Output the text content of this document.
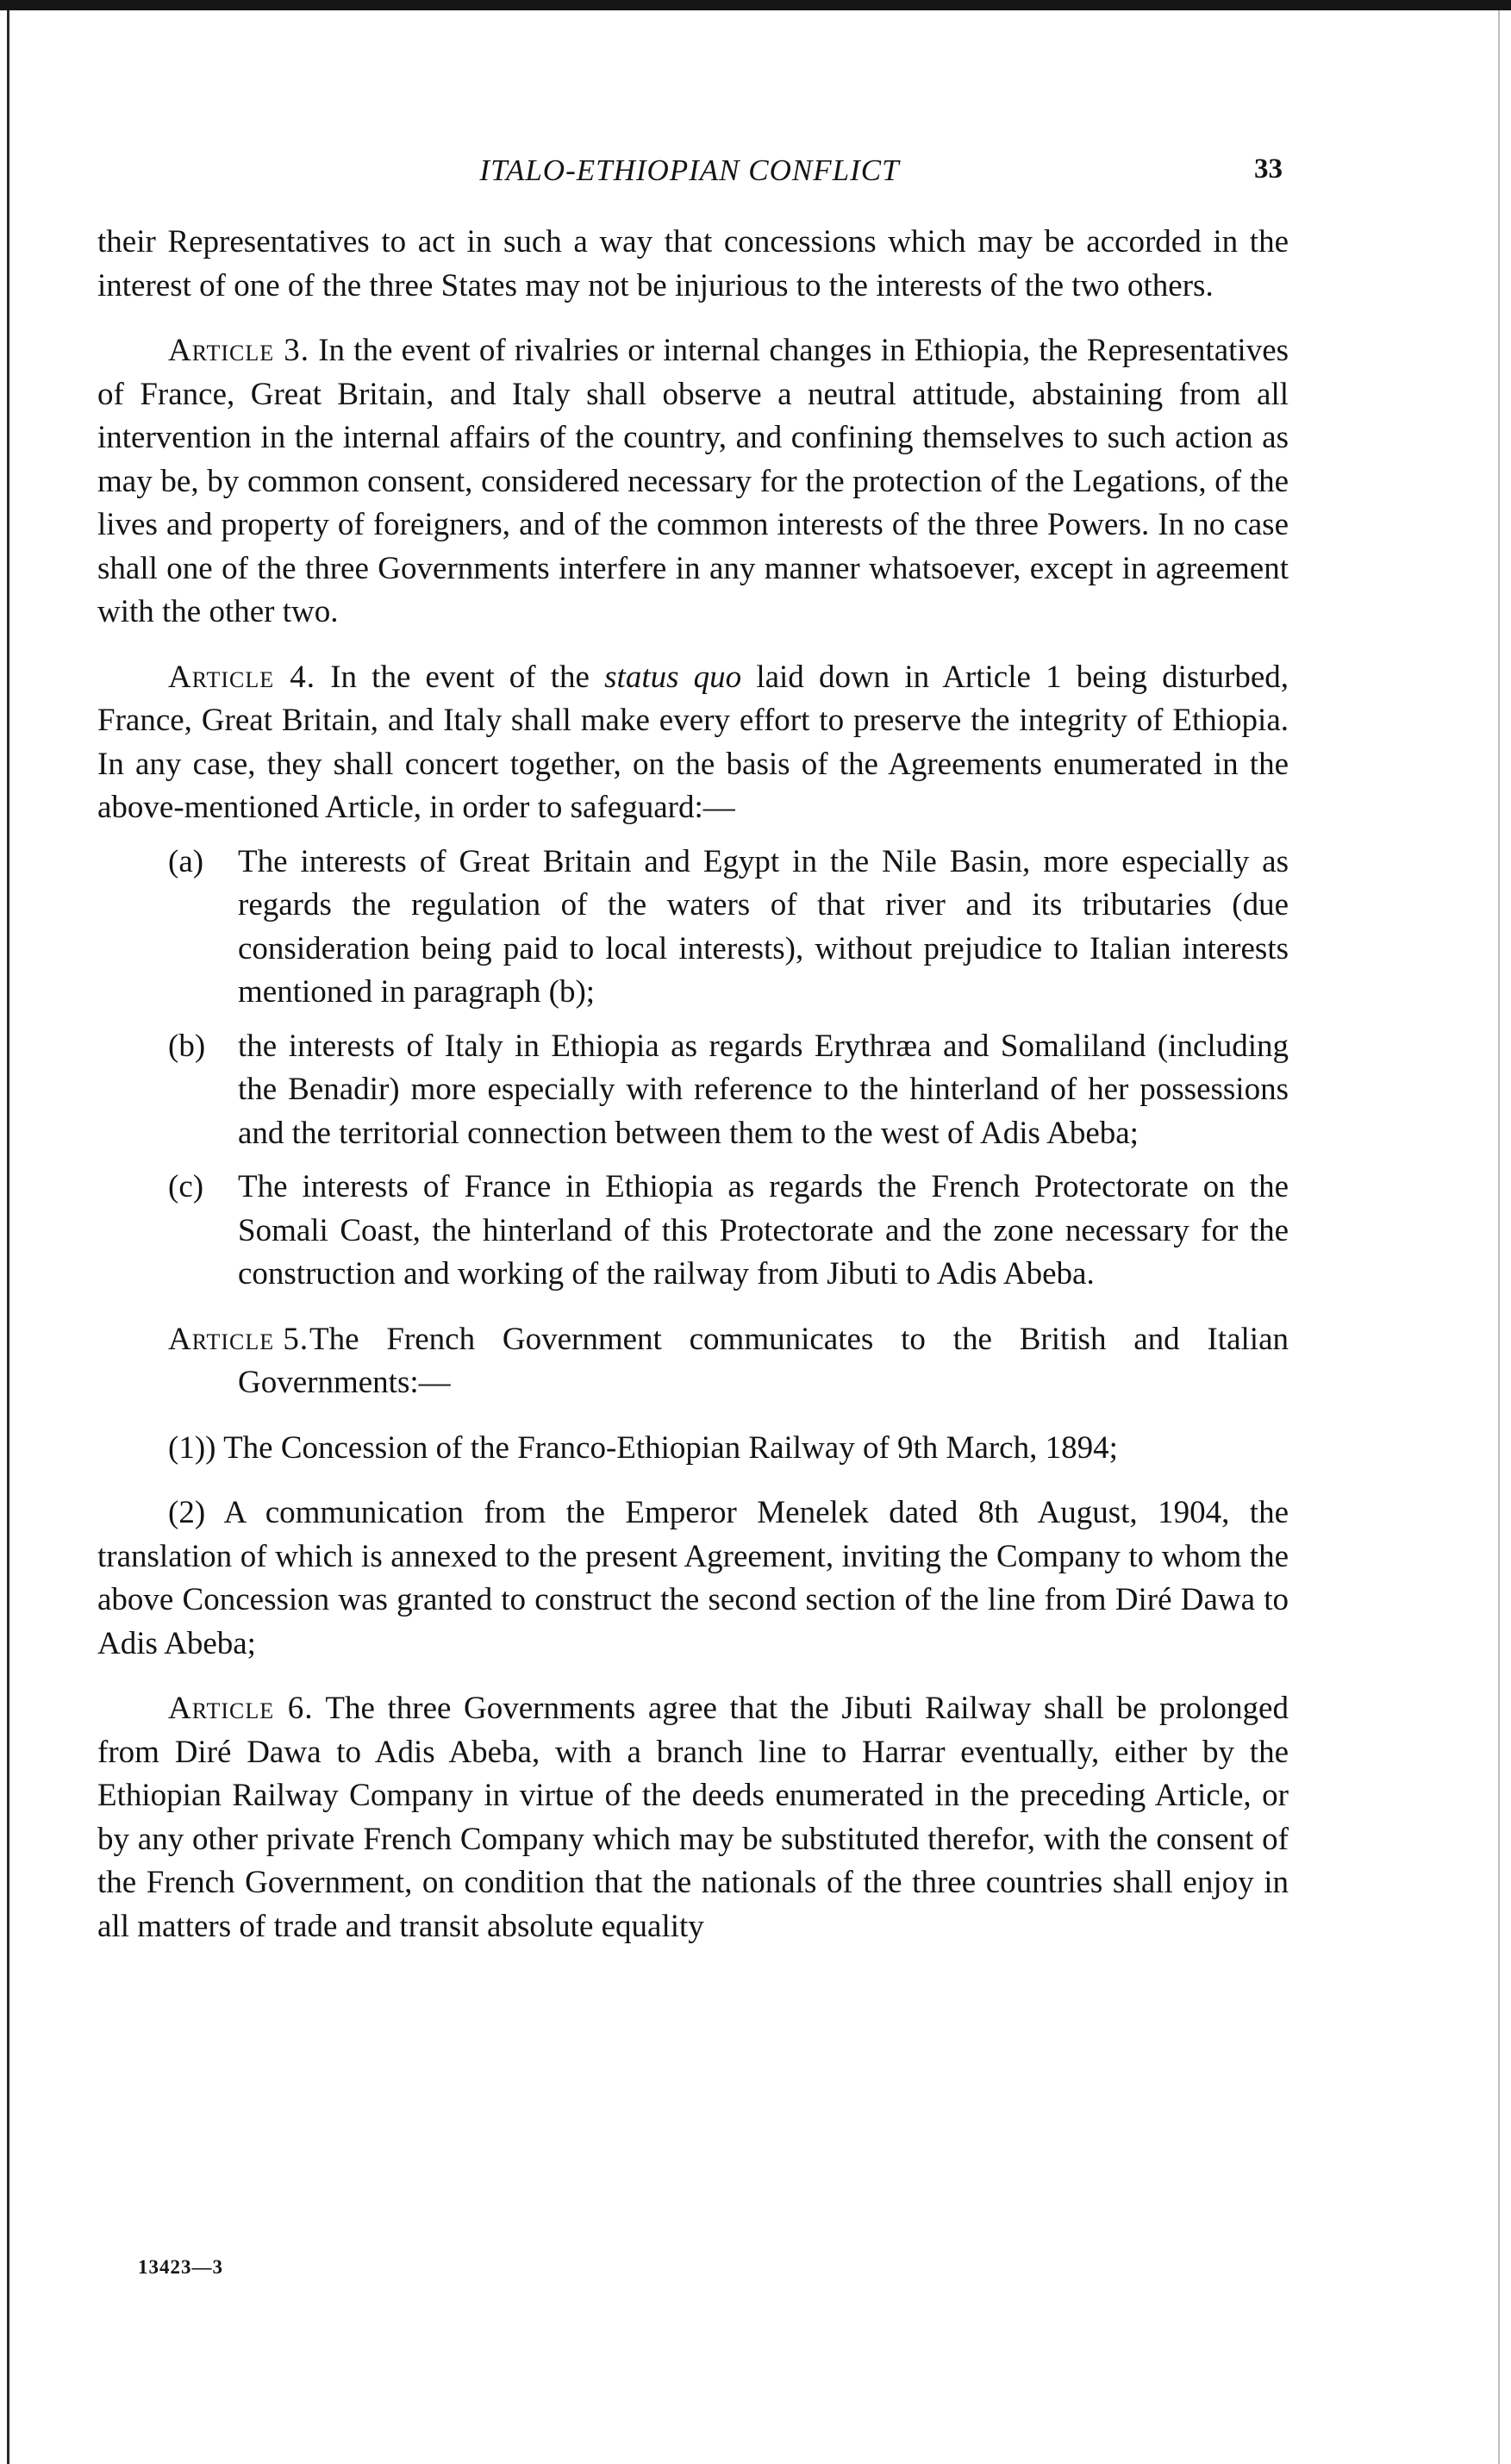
ITALO-ETHIOPIAN CONFLICT	33

their Representatives to act in such a way that concessions which may be accorded in the interest of one of the three States may not be injurious to the interests of the two others.

Article 3. In the event of rivalries or internal changes in Ethiopia, the Representatives of France, Great Britain, and Italy shall observe a neutral attitude, abstaining from all intervention in the internal affairs of the country, and confining themselves to such action as may be, by common consent, considered necessary for the protection of the Legations, of the lives and property of foreigners, and of the common interests of the three Powers. In no case shall one of the three Governments interfere in any manner whatsoever, except in agreement with the other two.

Article 4. In the event of the status quo laid down in Article 1 being disturbed, France, Great Britain, and Italy shall make every effort to preserve the integrity of Ethiopia. In any case, they shall concert together, on the basis of the Agreements enumerated in the above-mentioned Article, in order to safeguard:—

(a) The interests of Great Britain and Egypt in the Nile Basin, more especially as regards the regulation of the waters of that river and its tributaries (due consideration being paid to local interests), without prejudice to Italian interests mentioned in paragraph (b);
(b) the interests of Italy in Ethiopia as regards Erythræa and Somaliland (including the Benadir) more especially with reference to the hinterland of her possessions and the territorial connection between them to the west of Adis Abeba;
(c) The interests of France in Ethiopia as regards the French Protectorate on the Somali Coast, the hinterland of this Protectorate and the zone necessary for the construction and working of the railway from Jibuti to Adis Abeba.
Article 5. The French Government communicates to the British and Italian Governments:—

(1)) The Concession of the Franco-Ethiopian Railway of 9th March, 1894;

(2) A communication from the Emperor Menelek dated 8th August, 1904, the translation of which is annexed to the present Agreement, inviting the Company to whom the above Concession was granted to construct the second section of the line from Diré Dawa to Adis Abeba;

Article 6. The three Governments agree that the Jibuti Railway shall be prolonged from Diré Dawa to Adis Abeba, with a branch line to Harrar eventually, either by the Ethiopian Railway Company in virtue of the deeds enumerated in the preceding Article, or by any other private French Company which may be substituted therefor, with the consent of the French Government, on condition that the nationals of the three countries shall enjoy in all matters of trade and transit absolute equality

13423—3
